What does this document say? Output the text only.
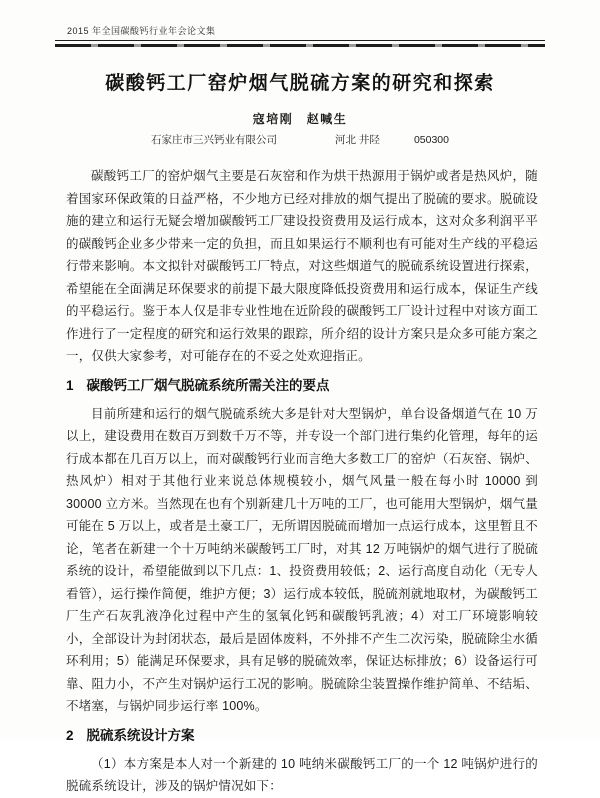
2015 年全国碳酸钙行业年会论文集
碳酸钙工厂窑炉烟气脱硫方案的研究和探索
寇培刚　赵喊生
石家庄市三兴钙业有限公司	河北 井陉	050300

碳酸钙工厂的窑炉烟气主要是石灰窑和作为烘干热源用于锅炉或者是热风炉，随着国家环保政策的日益严格，不少地方已经对排放的烟气提出了脱硫的要求。脱硫设施的建立和运行无疑会增加碳酸钙工厂建设投资费用及运行成本，这对众多利润平平的碳酸钙企业多少带来一定的负担，而且如果运行不顺利也有可能对生产线的平稳运行带来影响。本文拟针对碳酸钙工厂特点，对这些烟道气的脱硫系统设置进行探索，希望能在全面满足环保要求的前提下最大限度降低投资费用和运行成本，保证生产线的平稳运行。鉴于本人仅是非专业性地在近阶段的碳酸钙工厂设计过程中对该方面工作进行了一定程度的研究和运行效果的跟踪，所介绍的设计方案只是众多可能方案之一，仅供大家参考，对可能存在的不妥之处欢迎指正。

1 碳酸钙工厂烟气脱硫系统所需关注的要点

目前所建和运行的烟气脱硫系统大多是针对大型锅炉，单台设备烟道气在 10 万以上，建设费用在数百万到数千万不等，并专设一个部门进行集约化管理，每年的运行成本都在几百万以上，而对碳酸钙行业而言绝大多数工厂的窑炉（石灰窑、锅炉、热风炉）相对于其他行业来说总体规模较小，烟气风量一般在每小时 10000 到 30000 立方米。当然现在也有个别新建几十万吨的工厂，也可能用大型锅炉，烟气量可能在 5 万以上，或者是土豪工厂，无所谓因脱硫而增加一点运行成本，这里暂且不论，笔者在新建一个十万吨纳米碳酸钙工厂时，对其 12 万吨锅炉的烟气进行了脱硫系统的设计，希望能做到以下几点：1、投资费用较低；2、运行高度自动化（无专人看管），运行操作简便，维护方便；3）运行成本较低，脱硫剂就地取材，为碳酸钙工厂生产石灰乳液净化过程中产生的氢氧化钙和碳酸钙乳液；4）对工厂环境影响较小，全部设计为封闭状态，最后是固体废料，不外排不产生二次污染，脱硫除尘水循环利用；5）能满足环保要求，具有足够的脱硫效率，保证达标排放；6）设备运行可靠、阻力小，不产生对锅炉运行工况的影响。脱硫除尘装置操作维护简单、不结垢、不堵塞，与锅炉同步运行率 100%。

2 脱硫系统设计方案

（1）本方案是本人对一个新建的 10 吨纳米碳酸钙工厂的一个 12 吨锅炉进行的脱硫系统设计，涉及的锅炉情况如下：
